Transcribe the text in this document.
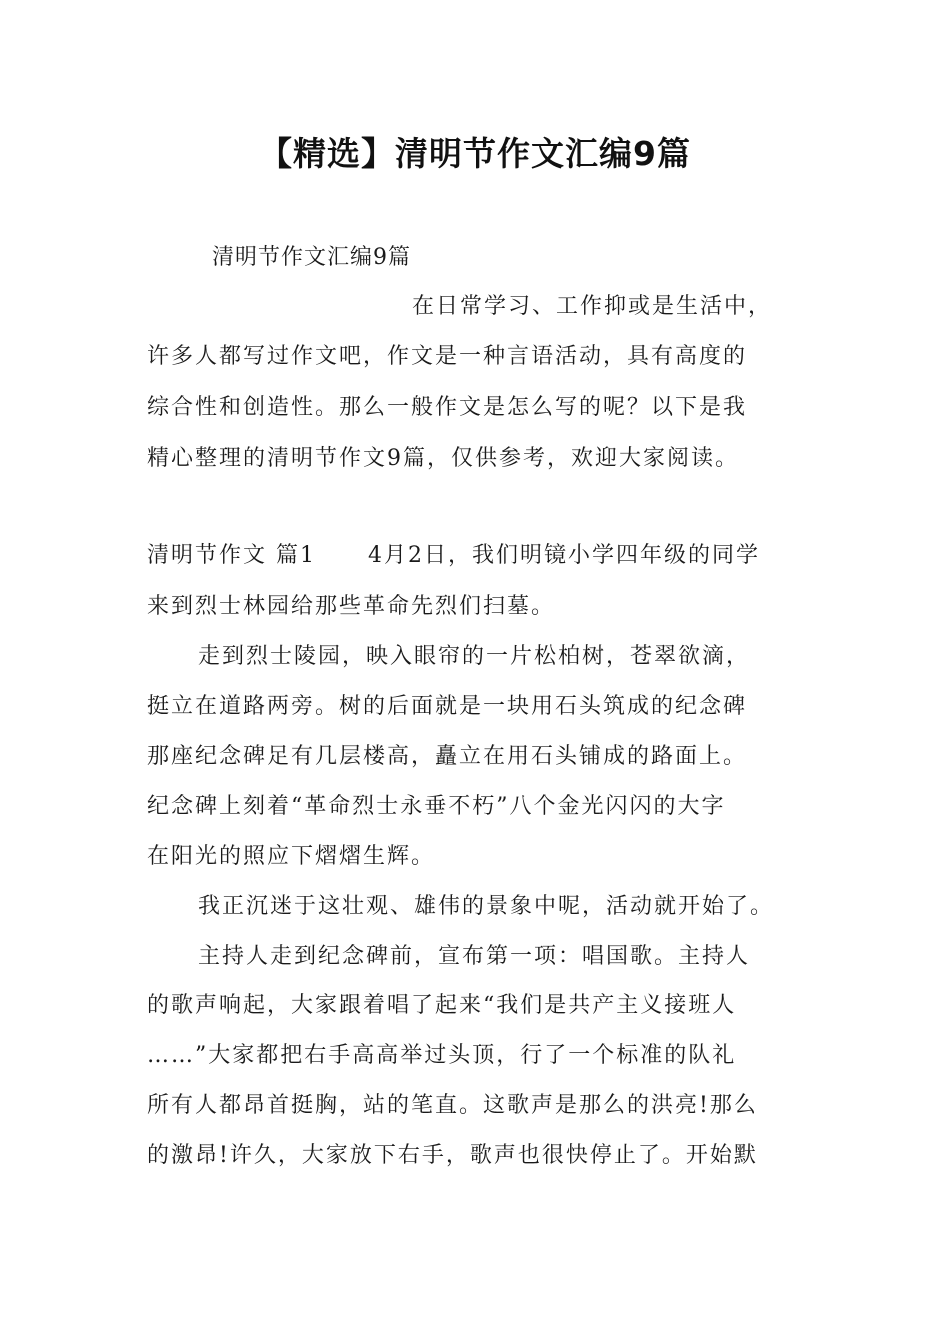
【精选】清明节作文汇编9篇
清明节作文汇编9篇
在日常学习、工作抑或是生活中，
许多人都写过作文吧，作文是一种言语活动，具有高度的
综合性和创造性。那么一般作文是怎么写的呢？以下是我
精心整理的清明节作文9篇，仅供参考，欢迎大家阅读。
清明节作文 篇1 4月2日，我们明镜小学四年级的同学
来到烈士林园给那些革命先烈们扫墓。
走到烈士陵园，映入眼帘的一片松柏树，苍翠欲滴，
挺立在道路两旁。树的后面就是一块用石头筑成的纪念碑
那座纪念碑足有几层楼高，矗立在用石头铺成的路面上。
纪念碑上刻着“革命烈士永垂不朽”八个金光闪闪的大字
在阳光的照应下熠熠生辉。
我正沉迷于这壮观、雄伟的景象中呢，活动就开始了。
主持人走到纪念碑前，宣布第一项：唱国歌。主持人
的歌声响起，大家跟着唱了起来“我们是共产主义接班人
……”大家都把右手高高举过头顶，行了一个标准的队礼
所有人都昂首挺胸，站的笔直。这歌声是那么的洪亮!那么
的激昂!许久，大家放下右手，歌声也很快停止了。开始默
